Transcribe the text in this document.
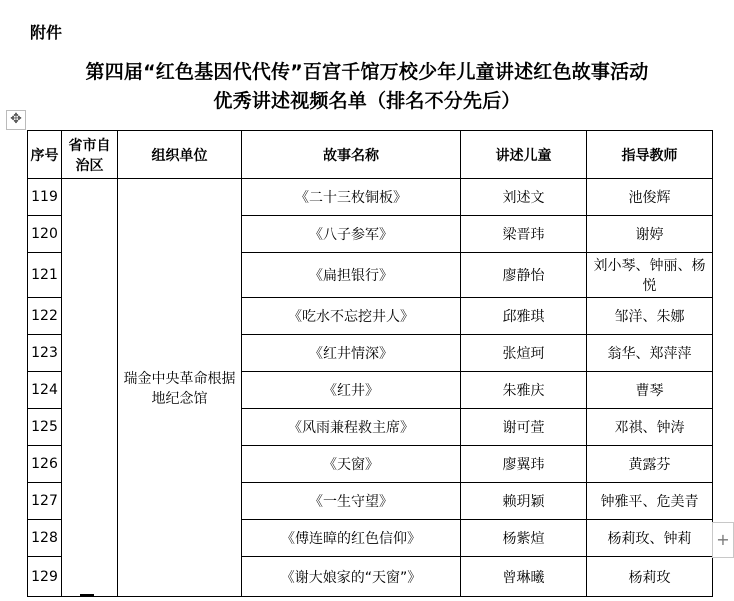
附件
第四届“红色基因代代传”百宫千馆万校少年儿童讲述红色故事活动
优秀讲述视频名单（排名不分先后）
✥
序号	省市自治区	组织单位	故事名称	讲述儿童	指导教师
119		瑞金中央革命根据地纪念馆	《二十三枚铜板》	刘述文	池俊辉
120			《八子参军》	梁晋玮	谢婷
121			《扁担银行》	廖静怡	刘小琴、钟丽、杨悦
122			《吃水不忘挖井人》	邱雅琪	邹洋、朱娜
123			《红井情深》	张煊珂	翁华、郑萍萍
124			《红井》	朱雅庆	曹琴
125			《风雨兼程救主席》	谢可萱	邓祺、钟涛
126			《天窗》	廖翼玮	黄露芬
127			《一生守望》	赖玥颖	钟雅平、危美青
128			《傅连暲的红色信仰》	杨紫煊	杨莉玫、钟莉
129			《谢大娘家的“天窗”》	曾琳曦	杨莉玫
+
